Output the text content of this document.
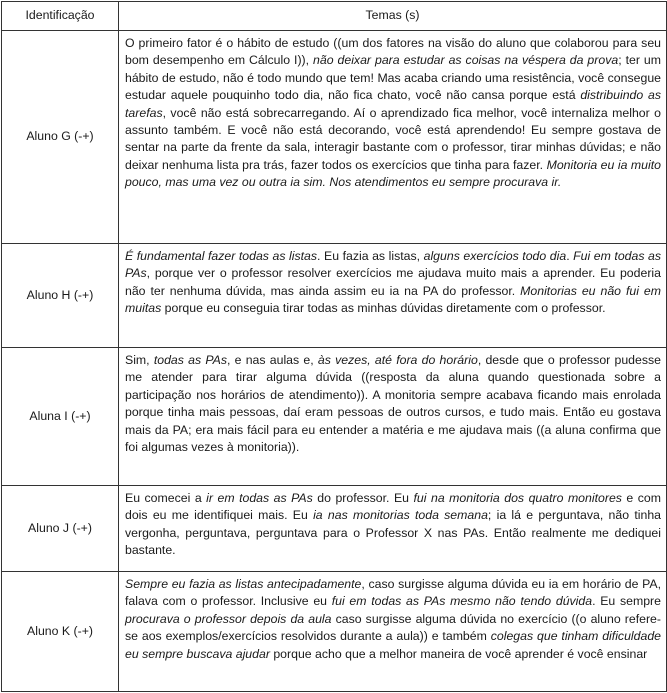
Identificação	Temas (s)
Aluno G (-+)	O primeiro fator é o hábito de estudo ((um dos fatores na visão do aluno que colaborou para seu bom desempenho em Cálculo I)), não deixar para estudar as coisas na véspera da prova; ter um hábito de estudo, não é todo mundo que tem! Mas acaba criando uma resistência, você consegue estudar aquele pouquinho todo dia, não fica chato, você não cansa porque está distribuindo as tarefas, você não está sobrecarregando. Aí o aprendizado fica melhor, você internaliza melhor o assunto também. E você não está decorando, você está aprendendo! Eu sempre gostava de sentar na parte da frente da sala, interagir bastante com o professor, tirar minhas dúvidas; e não deixar nenhuma lista pra trás, fazer todos os exercícios que tinha para fazer. Monitoria eu ia muito pouco, mas uma vez ou outra ia sim. Nos atendimentos eu sempre procurava ir.
Aluno H (-+)	É fundamental fazer todas as listas. Eu fazia as listas, alguns exercícios todo dia. Fui em todas as PAs, porque ver o professor resolver exercícios me ajudava muito mais a aprender. Eu poderia não ter nenhuma dúvida, mas ainda assim eu ia na PA do professor. Monitorias eu não fui em muitas porque eu conseguia tirar todas as minhas dúvidas diretamente com o professor.
Aluna I (-+)	Sim, todas as PAs, e nas aulas e, às vezes, até fora do horário, desde que o professor pudesse me atender para tirar alguma dúvida ((resposta da aluna quando questionada sobre a participação nos horários de atendimento)). A monitoria sempre acabava ficando mais enrolada porque tinha mais pessoas, daí eram pessoas de outros cursos, e tudo mais. Então eu gostava mais da PA; era mais fácil para eu entender a matéria e me ajudava mais ((a aluna confirma que foi algumas vezes à monitoria)).
Aluno J (-+)	Eu comecei a ir em todas as PAs do professor. Eu fui na monitoria dos quatro monitores e com dois eu me identifiquei mais. Eu ia nas monitorias toda semana; ia lá e perguntava, não tinha vergonha, perguntava, perguntava para o Professor X nas PAs. Então realmente me dediquei bastante.
Aluno K (-+)	Sempre eu fazia as listas antecipadamente, caso surgisse alguma dúvida eu ia em horário de PA, falava com o professor. Inclusive eu fui em todas as PAs mesmo não tendo dúvida. Eu sempre procurava o professor depois da aula caso surgisse alguma dúvida no exercício ((o aluno refere-se aos exemplos/exercícios resolvidos durante a aula)) e também colegas que tinham dificuldade eu sempre buscava ajudar porque acho que a melhor maneira de você aprender é você ensinar
